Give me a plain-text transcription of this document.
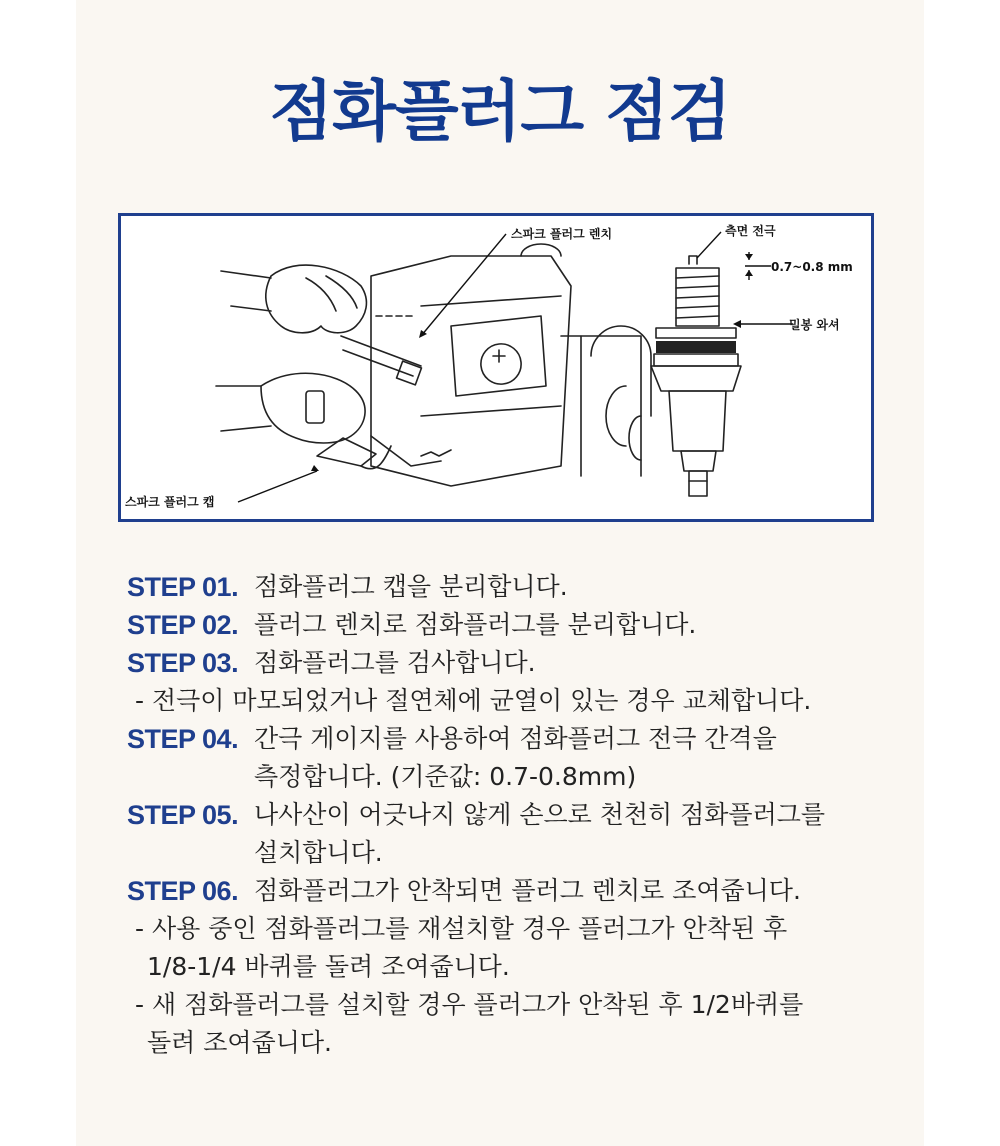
점화플러그 점검
스파크 플러그 렌치
스파크 플러그 캡
측면 전극
0.7~0.8 mm
밀봉 와셔
STEP 01. 점화플러그 캡을 분리합니다.
STEP 02. 플러그 렌치로 점화플러그를 분리합니다.
STEP 03. 점화플러그를 검사합니다.
- 전극이 마모되었거나 절연체에 균열이 있는 경우 교체합니다.
STEP 04. 간극 게이지를 사용하여 점화플러그 전극 간격을
측정합니다. (기준값: 0.7-0.8mm)
STEP 05. 나사산이 어긋나지 않게 손으로 천천히 점화플러그를
설치합니다.
STEP 06. 점화플러그가 안착되면 플러그 렌치로 조여줍니다.
- 사용 중인 점화플러그를 재설치할 경우 플러그가 안착된 후
1/8-1/4 바퀴를 돌려 조여줍니다.
- 새 점화플러그를 설치할 경우 플러그가 안착된 후 1/2바퀴를
돌려 조여줍니다.
